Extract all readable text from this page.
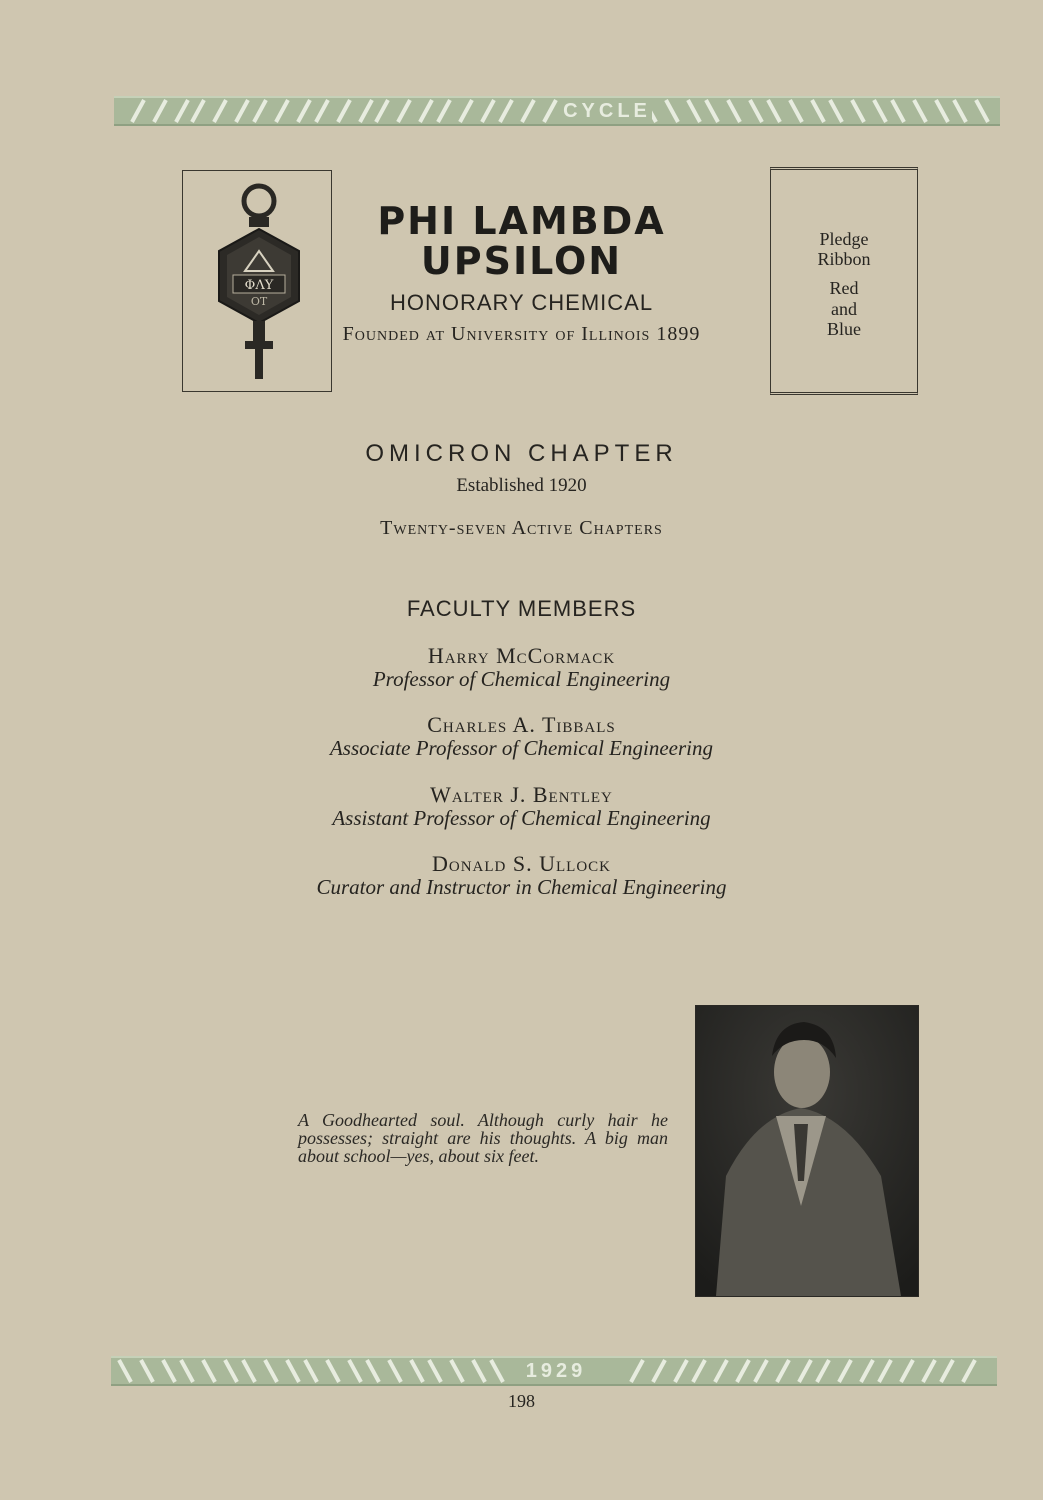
CYCLE
ΦΛΥ
OT
PHI LAMBDA
UPSILON
HONORARY CHEMICAL
Founded at University of Illinois 1899
Pledge
Ribbon
Red
and
Blue
OMICRON CHAPTER
Established 1920
Twenty-seven Active Chapters
FACULTY MEMBERS
Harry McCormack
Professor of Chemical Engineering
Charles A. Tibbals
Associate Professor of Chemical Engineering
Walter J. Bentley
Assistant Professor of Chemical Engineering
Donald S. Ullock
Curator and Instructor in Chemical Engineering
A Goodhearted soul. Although curly hair he possesses; straight are his thoughts. A big man about school—yes, about six feet.
1929
198
